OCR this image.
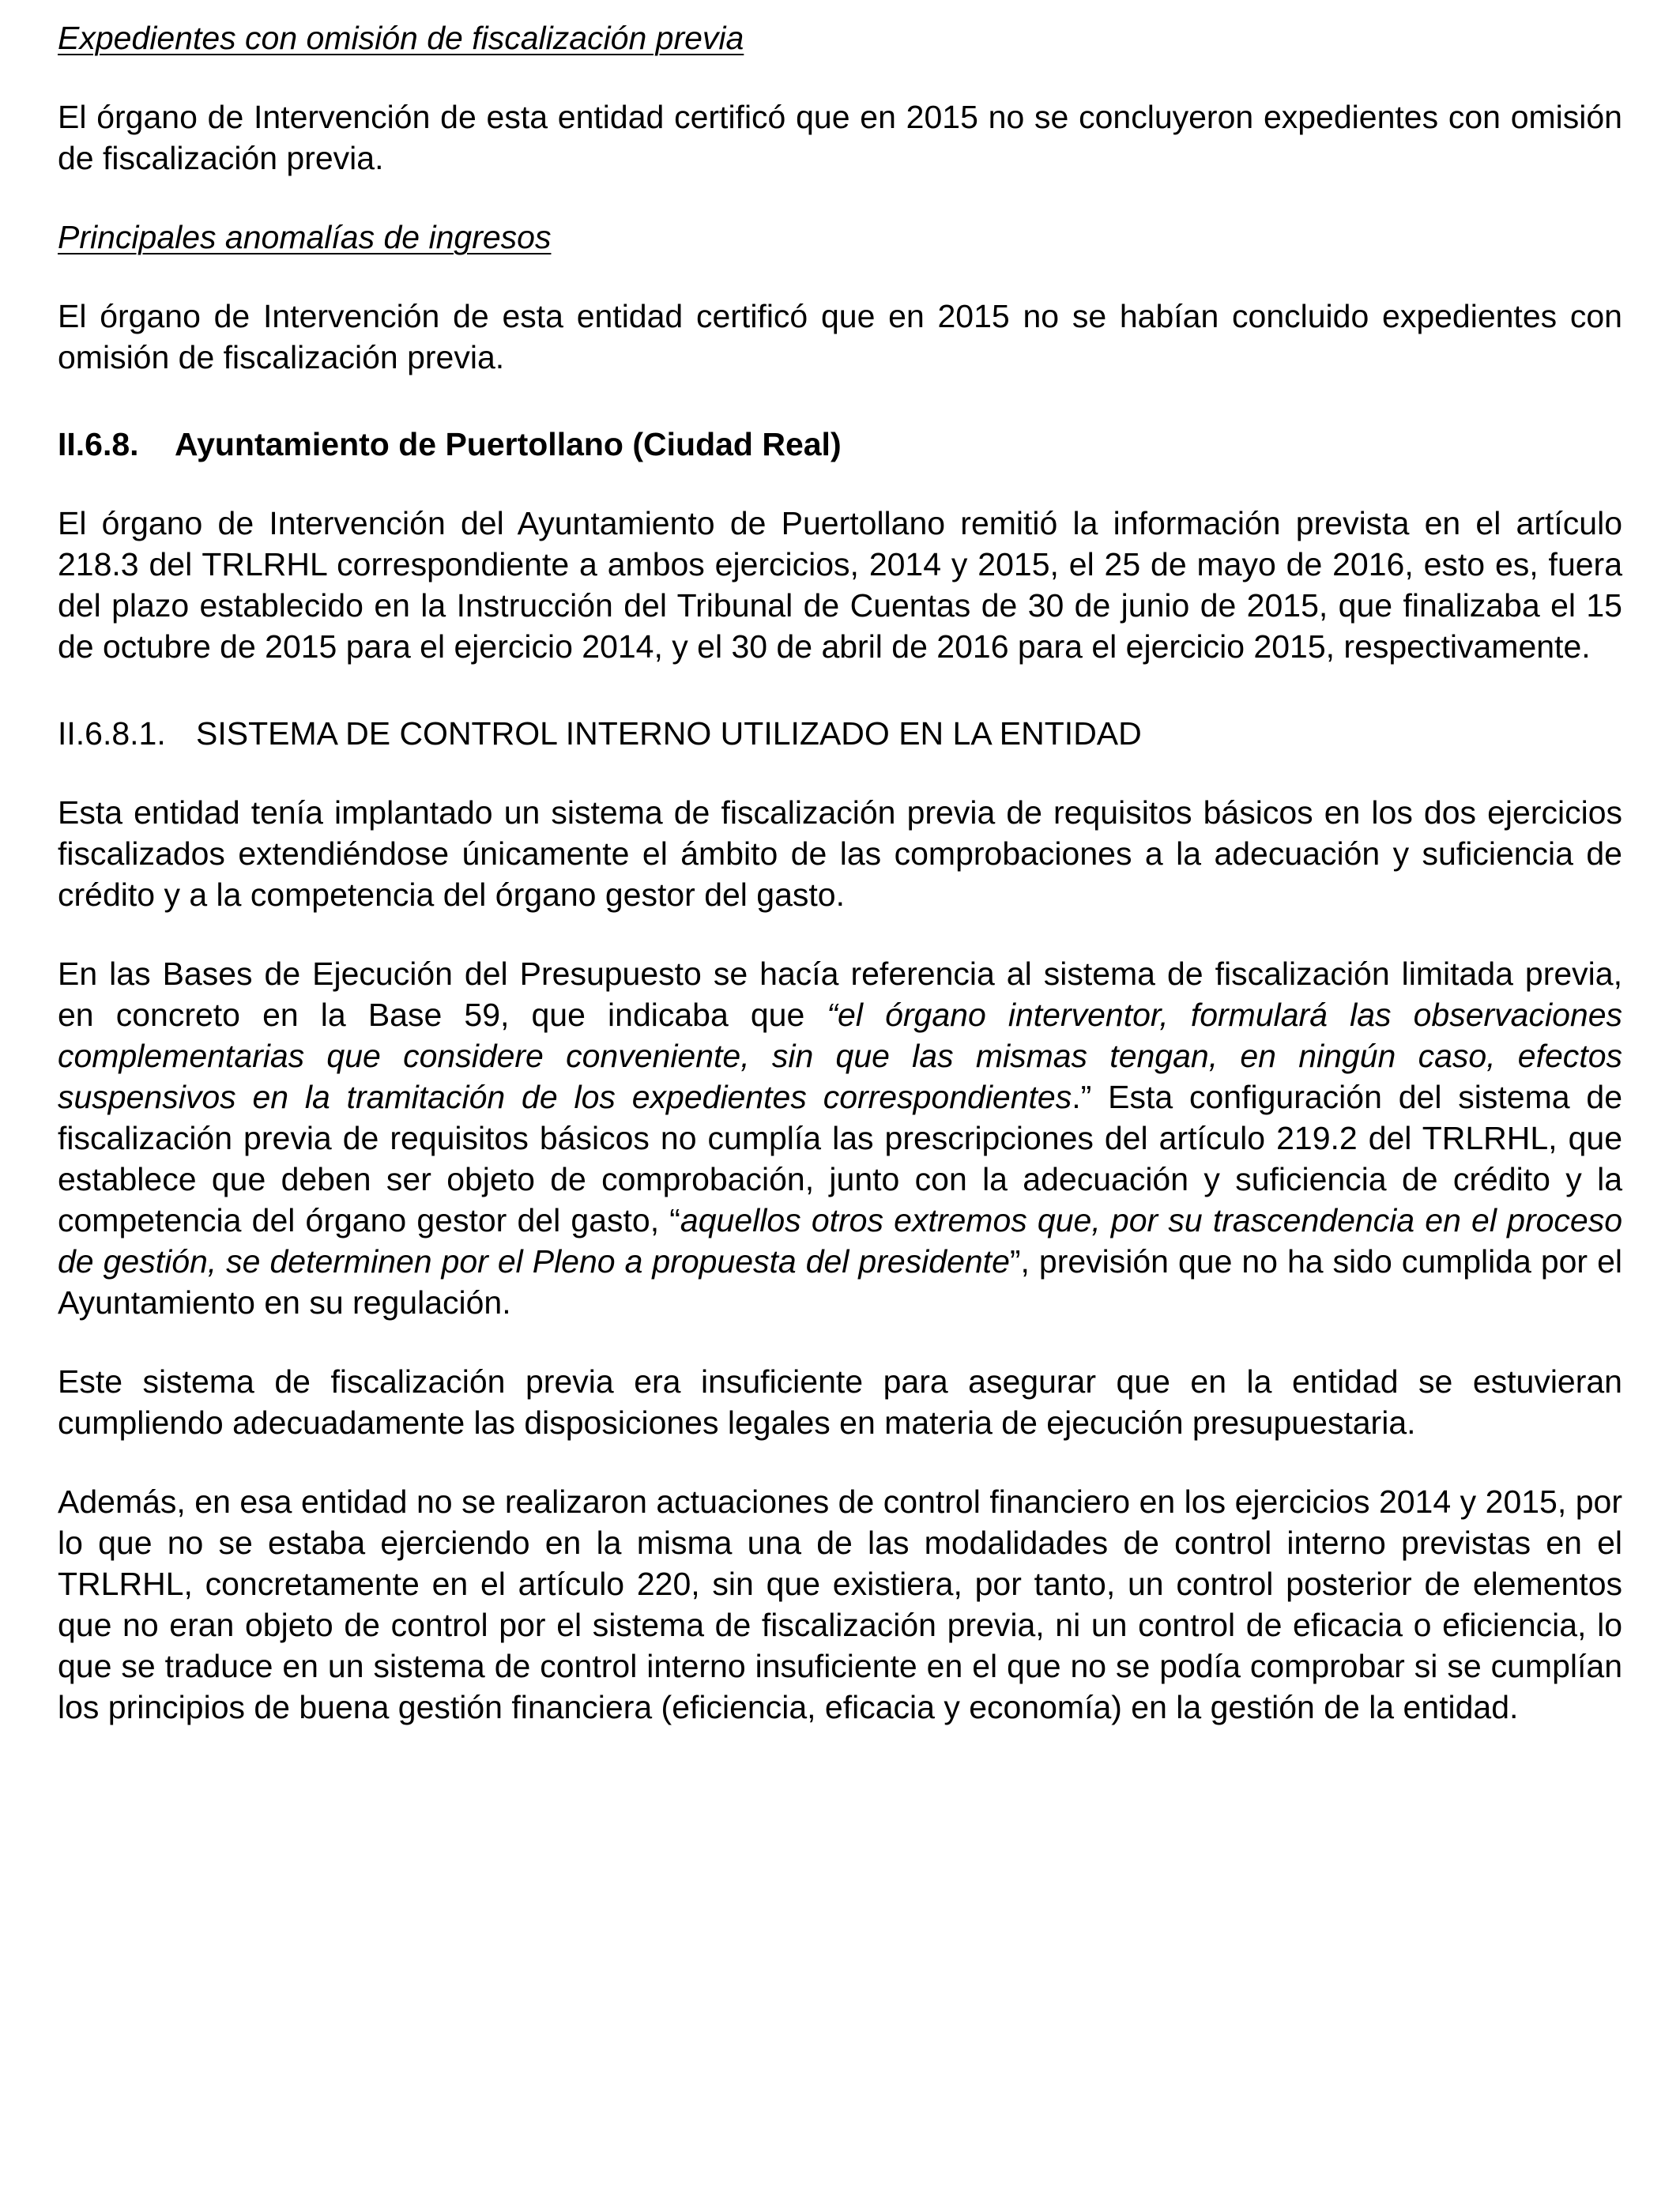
Expedientes con omisión de fiscalización previa

El órgano de Intervención de esta entidad certificó que en 2015 no se concluyeron expedientes con omisión de fiscalización previa.

Principales anomalías de ingresos

El órgano de Intervención de esta entidad certificó que en 2015 no se habían concluido expedientes con omisión de fiscalización previa.

II.6.8. Ayuntamiento de Puertollano (Ciudad Real)

El órgano de Intervención del Ayuntamiento de Puertollano remitió la información prevista en el artículo 218.3 del TRLRHL correspondiente a ambos ejercicios, 2014 y 2015, el 25 de mayo de 2016, esto es, fuera del plazo establecido en la Instrucción del Tribunal de Cuentas de 30 de junio de 2015, que finalizaba el 15 de octubre de 2015 para el ejercicio 2014, y el 30 de abril de 2016 para el ejercicio 2015, respectivamente.

II.6.8.1. SISTEMA DE CONTROL INTERNO UTILIZADO EN LA ENTIDAD

Esta entidad tenía implantado un sistema de fiscalización previa de requisitos básicos en los dos ejercicios fiscalizados extendiéndose únicamente el ámbito de las comprobaciones a la adecuación y suficiencia de crédito y a la competencia del órgano gestor del gasto.

En las Bases de Ejecución del Presupuesto se hacía referencia al sistema de fiscalización limitada previa, en concreto en la Base 59, que indicaba que “el órgano interventor, formulará las observaciones complementarias que considere conveniente, sin que las mismas tengan, en ningún caso, efectos suspensivos en la tramitación de los expedientes correspondientes.” Esta configuración del sistema de fiscalización previa de requisitos básicos no cumplía las prescripciones del artículo 219.2 del TRLRHL, que establece que deben ser objeto de comprobación, junto con la adecuación y suficiencia de crédito y la competencia del órgano gestor del gasto, “aquellos otros extremos que, por su trascendencia en el proceso de gestión, se determinen por el Pleno a propuesta del presidente”, previsión que no ha sido cumplida por el Ayuntamiento en su regulación.

Este sistema de fiscalización previa era insuficiente para asegurar que en la entidad se estuvieran cumpliendo adecuadamente las disposiciones legales en materia de ejecución presupuestaria.

Además, en esa entidad no se realizaron actuaciones de control financiero en los ejercicios 2014 y 2015, por lo que no se estaba ejerciendo en la misma una de las modalidades de control interno previstas en el TRLRHL, concretamente en el artículo 220, sin que existiera, por tanto, un control posterior de elementos que no eran objeto de control por el sistema de fiscalización previa, ni un control de eficacia o eficiencia, lo que se traduce en un sistema de control interno insuficiente en el que no se podía comprobar si se cumplían los principios de buena gestión financiera (eficiencia, eficacia y economía) en la gestión de la entidad.
